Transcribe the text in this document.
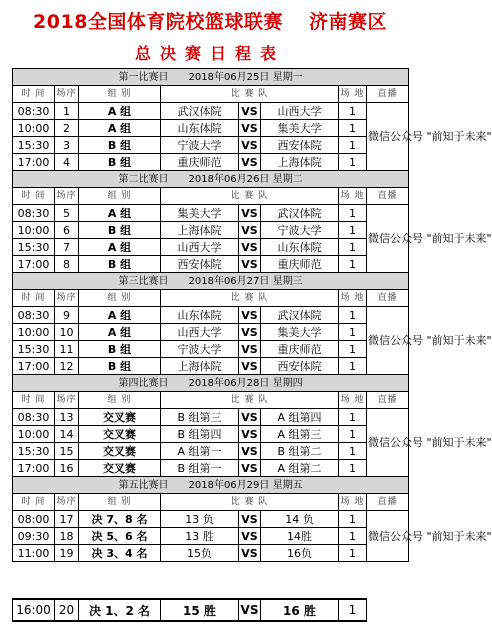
2018全国体育院校篮球联赛 济南赛区
总决赛日程表
第一比赛日 2018年06月25日 星期一							
时 间	场序	组 别	比 赛 队			场 地	直播
08:30	1	A 组	武汉体院	VS	山西大学	1	微信公众号 "前知于未来"
10:00	2	A 组	山东体院	VS	集美大学	1	
15:30	3	B 组	宁波大学	VS	西安体院	1	
17:00	4	B 组	重庆师范	VS	上海体院	1	
第二比赛日 2018年06月26日 星期二							
时 间	场序	组 别	比 赛 队			场 地	直播
08:30	5	A 组	集美大学	VS	武汉体院	1	微信公众号 "前知于未来"
10:00	6	B 组	上海体院	VS	宁波大学	1	
15:30	7	A 组	山西大学	VS	山东体院	1	
17:00	8	B 组	西安体院	VS	重庆师范	1	
第三比赛日 2018年06月27日 星期三							
时 间	场序	组 别	比 赛 队			场 地	直播
08:30	9	A 组	山东体院	VS	武汉体院	1	微信公众号 "前知于未来"
10:00	10	A 组	山西大学	VS	集美大学	1	
15:30	11	B 组	宁波大学	VS	重庆师范	1	
17:00	12	B 组	上海体院	VS	西安体院	1	
第四比赛日 2018年06月28日 星期四							
时 间	场序	组 别	比 赛 队			场 地	直播
08:30	13	交叉赛	B 组第三	VS	A 组第四	1	微信公众号 "前知于未来"
10:00	14	交叉赛	B 组第四	VS	A 组第三	1	
15:30	15	交叉赛	A 组第一	VS	B 组第二	1	
17:00	16	交叉赛	B 组第一	VS	A 组第二	1	
第五比赛日 2018年06月29日 星期五							
时 间	场序	组 别	比 赛 队			场 地	直播
08:00	17	决 7、8 名	13 负	VS	14 负	1	微信公众号 "前知于未来"
09:30	18	决 5、6 名	13 胜	VS	14胜	1	
11:00	19	决 3、4 名	15负	VS	16负	1	
16:00	20	决 1、2 名	15 胜	VS	16 胜	1	
